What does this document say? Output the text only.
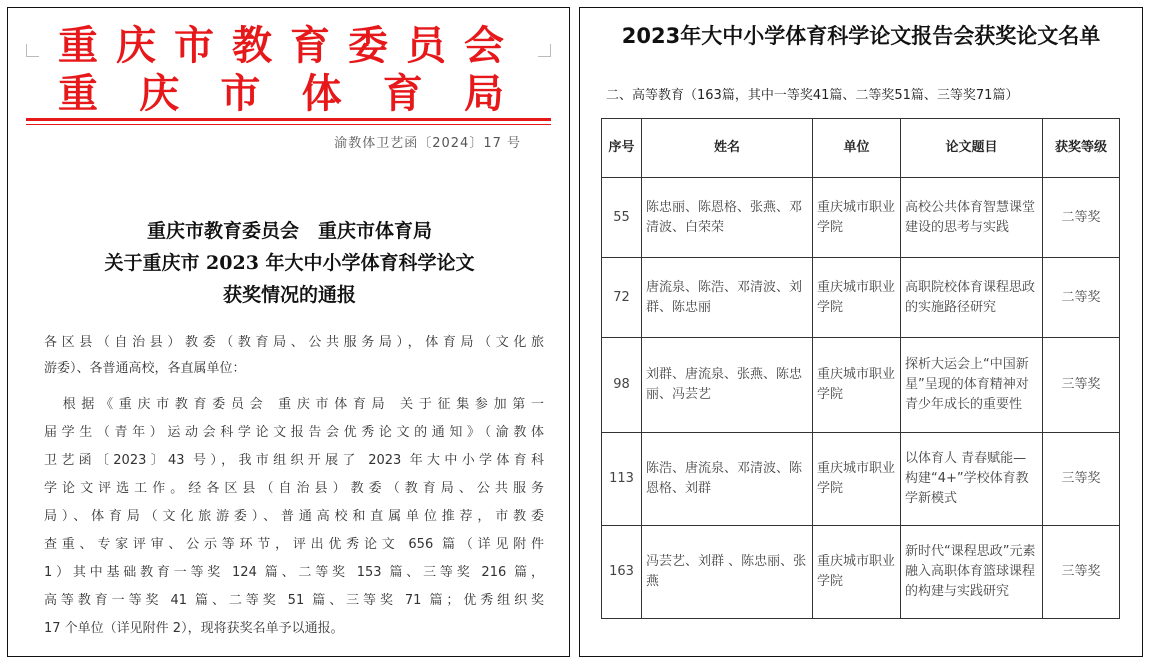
重庆市教育委员会
重庆市体育局
渝教体卫艺函〔2024〕17 号
重庆市教育委员会　重庆市体育局
关于重庆市 2023 年大中小学体育科学论文
获奖情况的通报
各区县（自治县）教委（教育局、公共服务局），体育局（文化旅
游委）、各普通高校，各直属单位：
　根据《重庆市教育委员会 重庆市体育局 关于征集参加第一
届学生（青年）运动会科学论文报告会优秀论文的通知》（渝教体
卫艺函〔2023〕43 号），我市组织开展了 2023 年大中小学体育科
学论文评选工作。经各区县（自治县）教委（教育局、公共服务
局）、体育局（文化旅游委）、普通高校和直属单位推荐，市教委
查重、专家评审、公示等环节，评出优秀论文 656 篇（详见附件
1）其中基础教育一等奖 124 篇、二等奖 153 篇、三等奖 216 篇，
高等教育一等奖 41 篇、二等奖 51 篇、三等奖 71 篇；优秀组织奖
17 个单位（详见附件 2），现将获奖名单予以通报。
2023年大中小学体育科学论文报告会获奖论文名单
二、高等教育（163篇，其中一等奖41篇、二等奖51篇、三等奖71篇）
序号	姓名	单位	论文题目	获奖等级
55	陈忠丽、陈恩格、张燕、邓清波、白荣荣	重庆城市职业学院	高校公共体育智慧课堂建设的思考与实践	二等奖
72	唐流泉、陈浩、邓清波、刘群、陈忠丽	重庆城市职业学院	高职院校体育课程思政的实施路径研究	二等奖
98	刘群、唐流泉、张燕、陈忠丽、冯芸艺	重庆城市职业学院	探析大运会上“中国新星”呈现的体育精神对青少年成长的重要性	三等奖
113	陈浩、唐流泉、邓清波、陈恩格、刘群	重庆城市职业学院	以体育人 青春赋能—构建“4+”学校体育教学新模式	三等奖
163	冯芸艺、刘群 、陈忠丽、张燕	重庆城市职业学院	新时代“课程思政”元素融入高职体育篮球课程的构建与实践研究	三等奖
